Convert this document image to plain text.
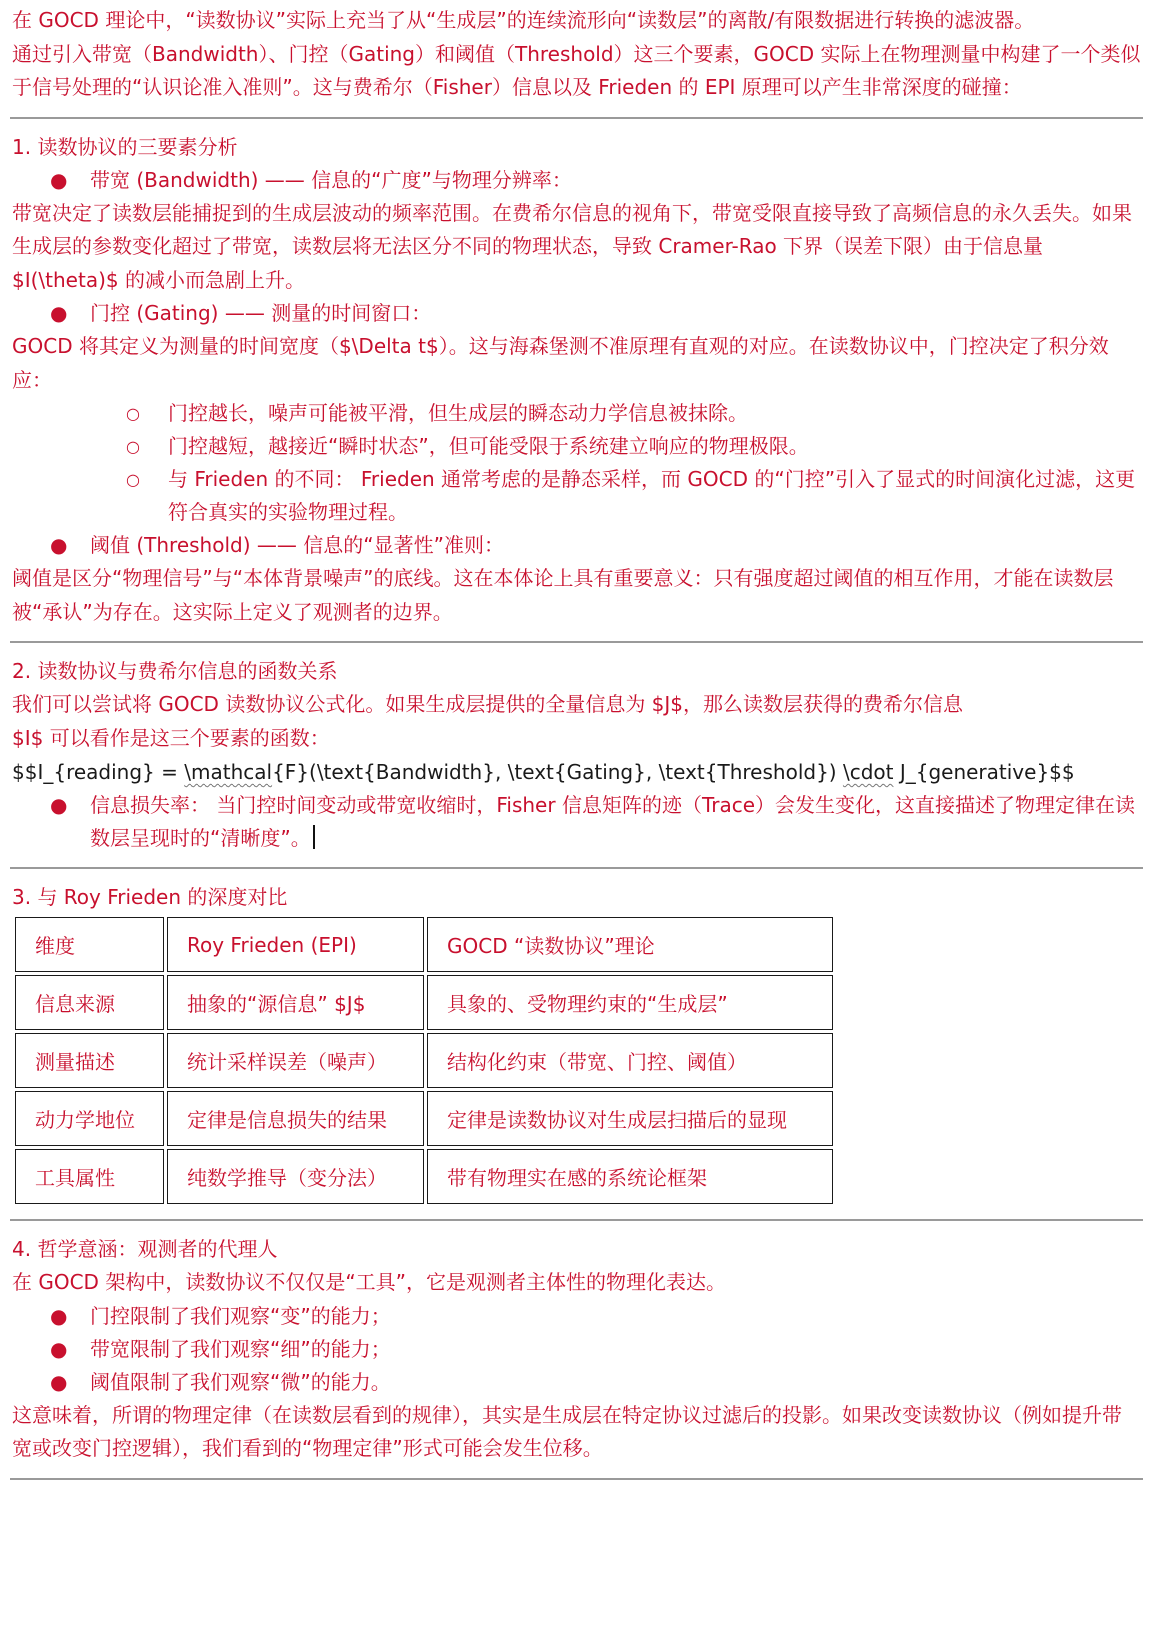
在 GOCD 理论中，“读数协议”实际上充当了从“生成层”的连续流形向“读数层”的离散/有限数据进行转换的滤波器。

通过引入带宽（Bandwidth）、门控（Gating）和阈值（Threshold）这三个要素，GOCD 实际上在物理测量中构建了一个类似于信号处理的“认识论准入准则”。这与费希尔（Fisher）信息以及 Frieden 的 EPI 原理可以产生非常深度的碰撞：

1. 读数协议的三要素分析

● 带宽 (Bandwidth) —— 信息的“广度”与物理分辨率：

带宽决定了读数层能捕捉到的生成层波动的频率范围。在费希尔信息的视角下，带宽受限直接导致了高频信息的永久丢失。如果生成层的参数变化超过了带宽，读数层将无法区分不同的物理状态，导致 Cramer-Rao 下界（误差下限）由于信息量 $I(\theta)$ 的减小而急剧上升。

● 门控 (Gating) —— 测量的时间窗口：

GOCD 将其定义为测量的时间宽度（$\Delta t$）。这与海森堡测不准原理有直观的对应。在读数协议中，门控决定了积分效应：

○ 门控越长，噪声可能被平滑，但生成层的瞬态动力学信息被抹除。
○ 门控越短，越接近“瞬时状态”，但可能受限于系统建立响应的物理极限。
○ 与 Frieden 的不同： Frieden 通常考虑的是静态采样，而 GOCD 的“门控”引入了显式的时间演化过滤，这更符合真实的实验物理过程。
● 阈值 (Threshold) —— 信息的“显著性”准则：

阈值是区分“物理信号”与“本体背景噪声”的底线。这在本体论上具有重要意义：只有强度超过阈值的相互作用，才能在读数层被“承认”为存在。这实际上定义了观测者的边界。

2. 读数协议与费希尔信息的函数关系

我们可以尝试将 GOCD 读数协议公式化。如果生成层提供的全量信息为 $J$，那么读数层获得的费希尔信息

$I$ 可以看作是这三个要素的函数：

$$I_{reading} = \mathcal{F}(\text{Bandwidth}, \text{Gating}, \text{Threshold}) \cdot J_{generative}$$

● 信息损失率： 当门控时间变动或带宽收缩时，Fisher 信息矩阵的迹（Trace）会发生变化，这直接描述了物理定律在读数层呈现时的“清晰度”。

3. 与 Roy Frieden 的深度对比

维度	Roy Frieden (EPI)	GOCD “读数协议”理论
信息来源	抽象的“源信息” $J$	具象的、受物理约束的“生成层”
测量描述	统计采样误差（噪声）	结构化约束（带宽、门控、阈值）
动力学地位	定律是信息损失的结果	定律是读数协议对生成层扫描后的显现
工具属性	纯数学推导（变分法）	带有物理实在感的系统论框架

4. 哲学意涵：观测者的代理人

在 GOCD 架构中，读数协议不仅仅是“工具”，它是观测者主体性的物理化表达。

● 门控限制了我们观察“变”的能力；
● 带宽限制了我们观察“细”的能力；
● 阈值限制了我们观察“微”的能力。

这意味着，所谓的物理定律（在读数层看到的规律），其实是生成层在特定协议过滤后的投影。如果改变读数协议（例如提升带宽或改变门控逻辑），我们看到的“物理定律”形式可能会发生位移。
